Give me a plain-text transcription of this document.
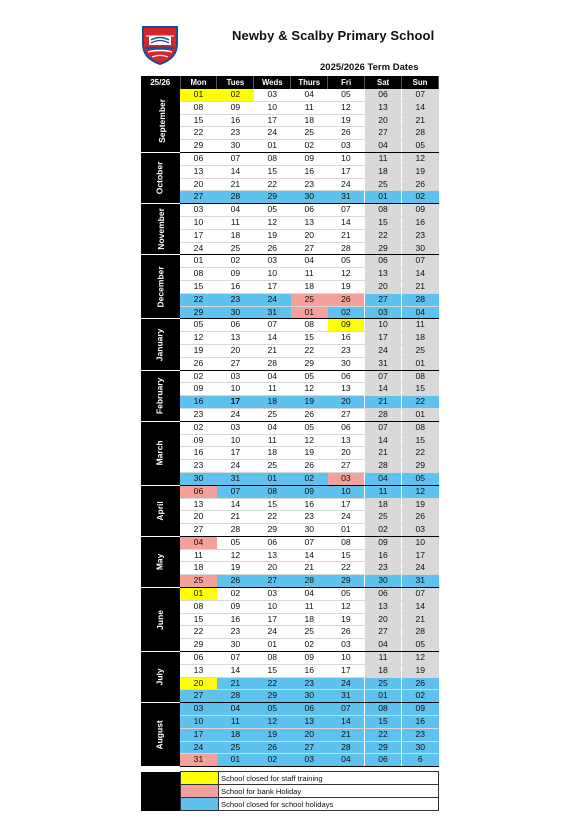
Newby & Scalby Primary School
2025/2026 Term Dates
25/26	Mon	Tues	Weds	Thurs	Fri	Sat	Sun
September	01	02	03	04	05	06	07
	08	09	10	11	12	13	14
	15	16	17	18	19	20	21
	22	23	24	25	26	27	28
	29	30	01	02	03	04	05
October	06	07	08	09	10	11	12
	13	14	15	16	17	18	19
	20	21	22	23	24	25	26
	27	28	29	30	31	01	02
November	03	04	05	06	07	08	09
	10	11	12	13	14	15	16
	17	18	19	20	21	22	23
	24	25	26	27	28	29	30
December	01	02	03	04	05	06	07
	08	09	10	11	12	13	14
	15	16	17	18	19	20	21
	22	23	24	25	26	27	28
	29	30	31	01	02	03	04
January	05	06	07	08	09	10	11
	12	13	14	15	16	17	18
	19	20	21	22	23	24	25
	26	27	28	29	30	31	01
February	02	03	04	05	06	07	08
	09	10	11	12	13	14	15
	16	17	18	19	20	21	22
	23	24	25	26	27	28	01
March	02	03	04	05	06	07	08
	09	10	11	12	13	14	15
	16	17	18	19	20	21	22
	23	24	25	26	27	28	29
	30	31	01	02	03	04	05
April	06	07	08	09	10	11	12
	13	14	15	16	17	18	19
	20	21	22	23	24	25	26
	27	28	29	30	01	02	03
May	04	05	06	07	08	09	10
	11	12	13	14	15	16	17
	18	19	20	21	22	23	24
	25	26	27	28	29	30	31
June	01	02	03	04	05	06	07
	08	09	10	11	12	13	14
	15	16	17	18	19	20	21
	22	23	24	25	26	27	28
	29	30	01	02	03	04	05
July	06	07	08	09	10	11	12
	13	14	15	16	17	18	19
	20	21	22	23	24	25	26
	27	28	29	30	31	01	02
August	03	04	05	06	07	08	09
	10	11	12	13	14	15	16
	17	18	19	20	21	22	23
	24	25	26	27	28	29	30
	31	01	02	03	04	06	6
		School closed for staff training
		School for bank Holiday
		School closed for school holidays
